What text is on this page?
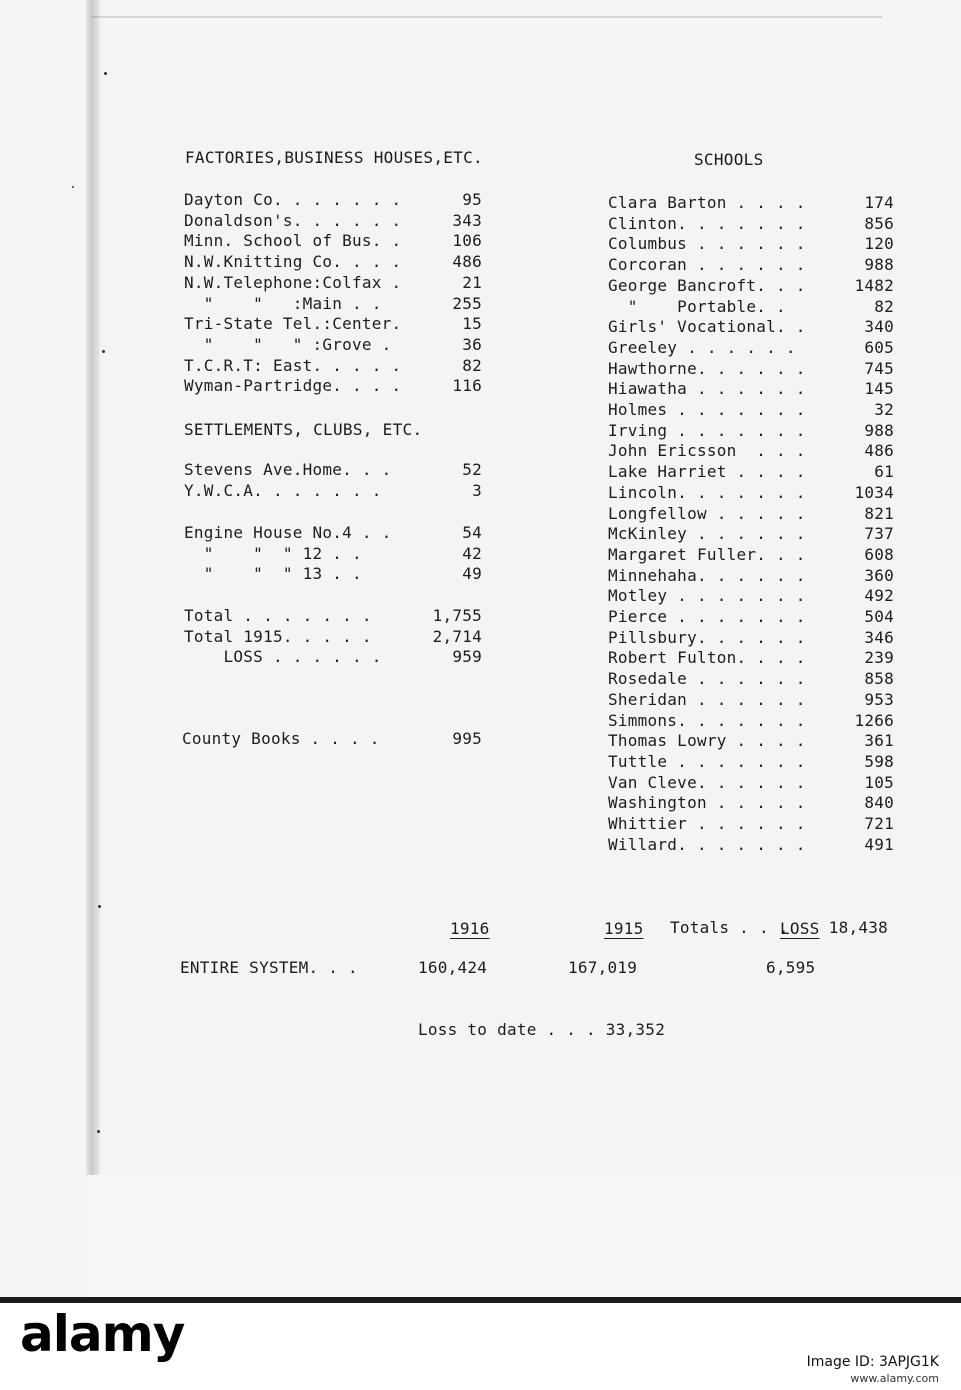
FACTORIES,BUSINESS HOUSES,ETC.
Dayton Co. . . . . . .	95
Donaldson's. . . . . .	343
Minn. School of Bus. .	106
N.W.Knitting Co. . . .	486
N.W.Telephone:Colfax .	21
"    "   :Main . .	255
Tri-State Tel.:Center.	15
"    "   " :Grove .	36
T.C.R.T: East. . . . .	82
Wyman-Partridge. . . .	116
SETTLEMENTS, CLUBS, ETC.
Stevens Ave.Home. . .	52
Y.W.C.A. . . . . . .	3
Engine House No.4 . .	54
"    "  " 12 . .	42
"    "  " 13 . .	49
Total . . . . . . .	1,755
Total 1915. . . . .	2,714
LOSS . . . . . .	959

County Books . . . .	995

SCHOOLS
Clara Barton . . . .	174
Clinton. . . . . . .	856
Columbus . . . . . .	120
Corcoran . . . . . .	988
George Bancroft. . .	1482
"    Portable. .	82
Girls' Vocational. .	340
Greeley . . . . . .	605
Hawthorne. . . . . .	745
Hiawatha . . . . . .	145
Holmes . . . . . . .	32
Irving . . . . . . .	988
John Ericsson  . . .	486
Lake Harriet . . . .	61
Lincoln. . . . . . .	1034
Longfellow . . . . .	821
McKinley . . . . . .	737
Margaret Fuller. . .	608
Minnehaha. . . . . .	360
Motley . . . . . . .	492
Pierce . . . . . . .	504
Pillsbury. . . . . .	346
Robert Fulton. . . .	239
Rosedale . . . . . .	858
Sheridan . . . . . .	953
Simmons. . . . . . .	1266
Thomas Lowry . . . .	361
Tuttle . . . . . . .	598
Van Cleve. . . . . .	105
Washington . . . . .	840
Whittier . . . . . .	721
Willard. . . . . . .	491

Totals . . .	18,438

1916	1915	LOSS
ENTIRE SYSTEM. . .	160,424	167,019	6,595
Loss to date . . . 33,352
alamy	Image ID: 3APJG1K
www.alamy.com
